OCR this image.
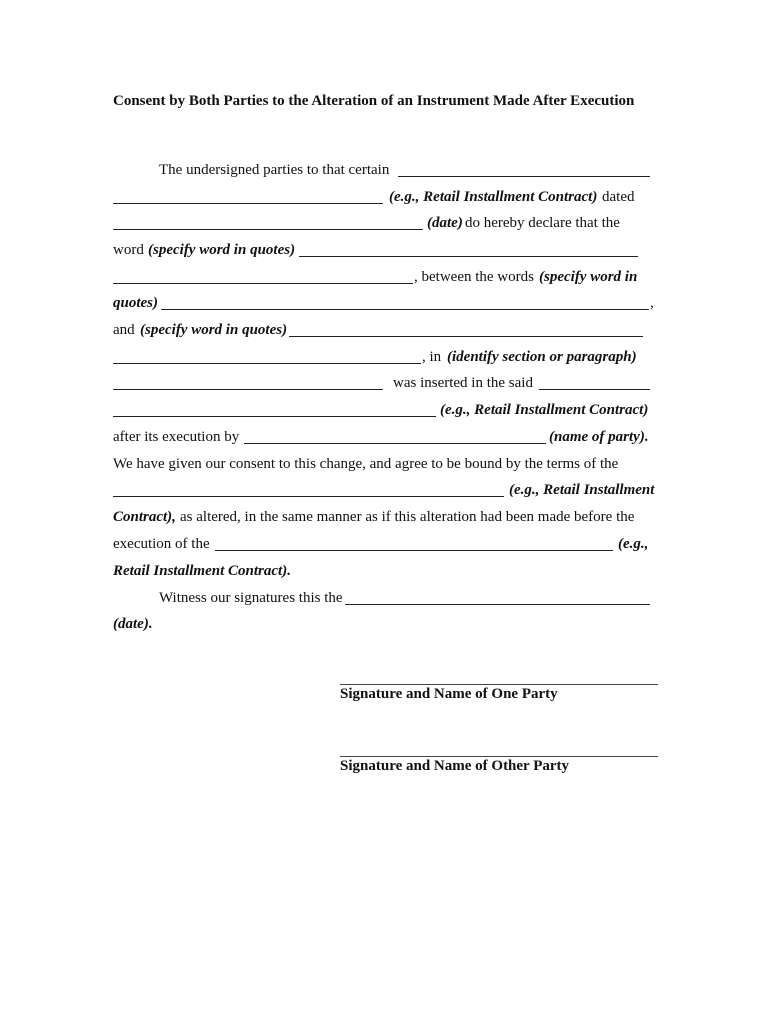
Consent by Both Parties to the Alteration of an Instrument Made After Execution
The undersigned parties to that certain
(e.g., Retail Installment Contract) dated
(date) do hereby declare that the
word (specify word in quotes)
, between the words (specify word in
quotes)	,
and (specify word in quotes)
, in (identify section or paragraph)
was inserted in the said
(e.g., Retail Installment Contract)
after its execution by	(name of party).
We have given our consent to this change, and agree to be bound by the terms of the
(e.g., Retail Installment
Contract), as altered, in the same manner as if this alteration had been made before the
execution of the	(e.g.,
Retail Installment Contract).
Witness our signatures this the
(date).
Signature and Name of One Party
Signature and Name of Other Party
